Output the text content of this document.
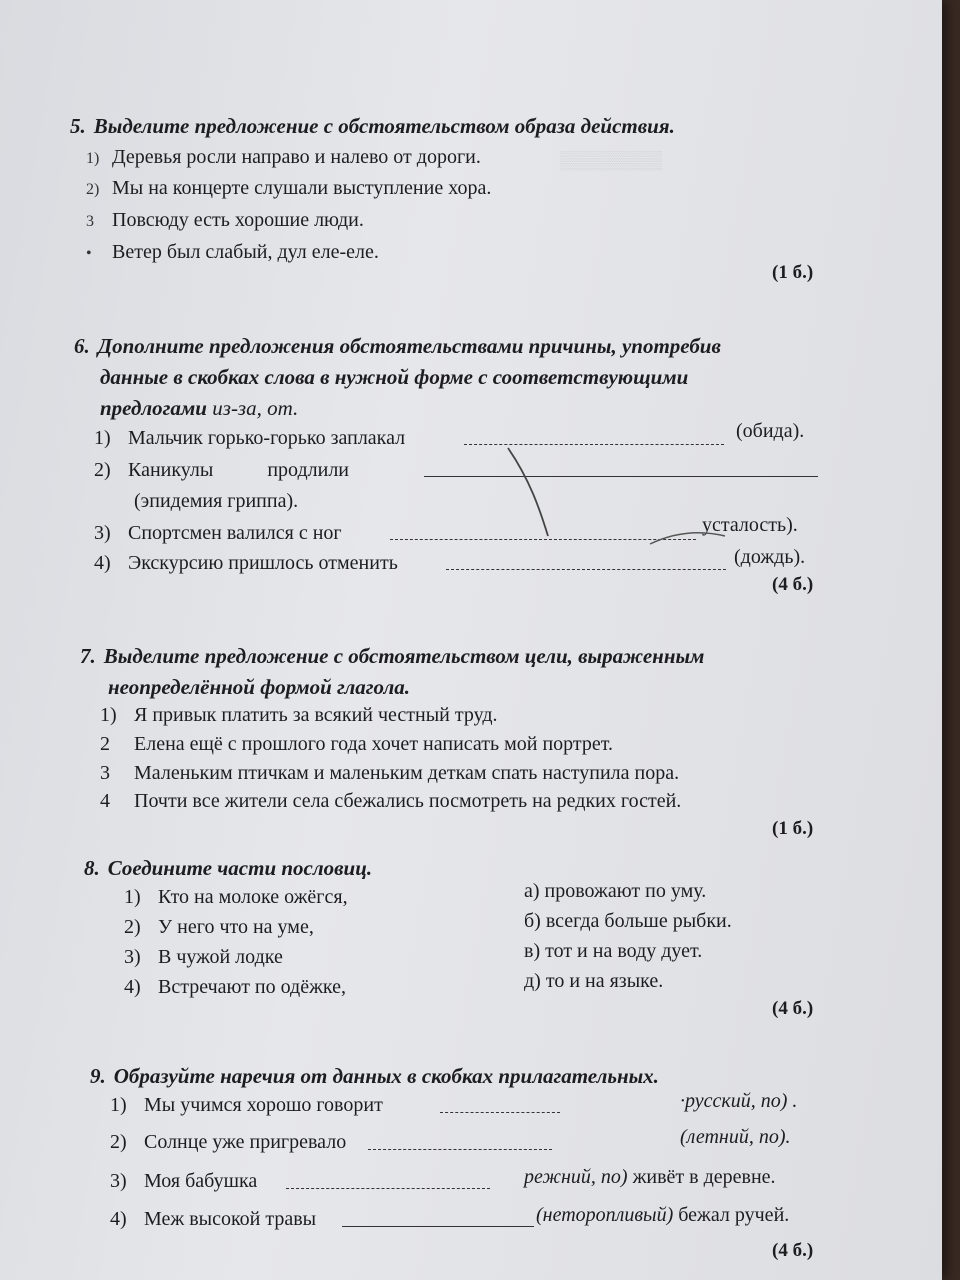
▒▒▒▒▒▒▒▒
5. Выделите предложение с обстоятельством образа действия.
1) Деревья росли направо и налево от дороги.
2) Мы на концерте слушали выступление хора.
3 Повсюду есть хорошие люди.
• Ветер был слабый, дул еле-еле.
(1 б.)
6. Дополните предложения обстоятельствами причины, употребив
данные в скобках слова в нужной форме с соответствующими
предлогами из-за, от.
1) Мальчик горько-горько заплакал	(обида).
2) Каникулы	продлили
(эпидемия гриппа).
3) Спортсмен валился с ног	усталость).
4) Экскурсию пришлось отменить	(дождь).
(4 б.)
7. Выделите предложение с обстоятельством цели, выраженным
неопределённой формой глагола.
1) Я привык платить за всякий честный труд.
2 Елена ещё с прошлого года хочет написать мой портрет.
3 Маленьким птичкам и маленьким деткам спать наступила пора.
4 Почти все жители села сбежались посмотреть на редких гостей.
(1 б.)
8. Соедините части пословиц.
1) Кто на молоке ожёгся,
2) У него что на уме,
3) В чужой лодке
4) Встречают по одёжке,
а) провожают по уму.
б) всегда больше рыбки.
в) тот и на воду дует.
д) то и на языке.
(4 б.)
9. Образуйте наречия от данных в скобках прилагательных.
1) Мы учимся хорошо говорит	·русский, по) .
2) Солнце уже пригревало	(летний, по).
3) Моя бабушка	режний, по) живёт в деревне.
4) Меж высокой травы	(неторопливый) бежал ручей.
(4 б.)
